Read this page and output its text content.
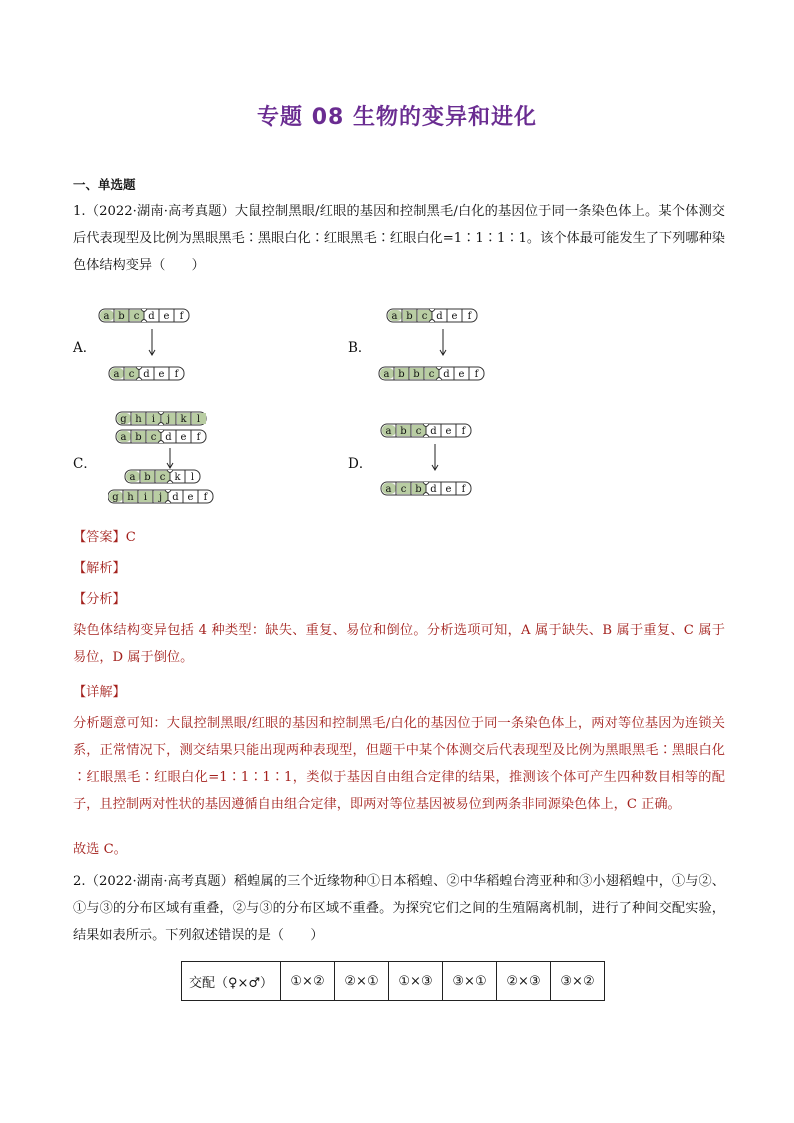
专题 08 生物的变异和进化
一、单选题
1.（2022·湖南·高考真题）大鼠控制黑眼/红眼的基因和控制黑毛/白化的基因位于同一条染色体上。某个体测交后代表现型及比例为黑眼黑毛∶黑眼白化∶红眼黑毛∶红眼白化=1∶1∶1∶1。该个体最可能发生了下列哪种染色体结构变异（　　）
A．
a b c d e f
a c d e f
B．
a b c d e f
a b b c d e f
C．
g h i j k l
a b c d e f
a b c k l
g h i j d e f
D．
a b c d e f
a c b d e f
【答案】C
【解析】
【分析】
染色体结构变异包括 4 种类型：缺失、重复、易位和倒位。分析选项可知，A 属于缺失、B 属于重复、C 属于易位，D 属于倒位。
【详解】
分析题意可知：大鼠控制黑眼/红眼的基因和控制黑毛/白化的基因位于同一条染色体上，两对等位基因为连锁关系，正常情况下，测交结果只能出现两种表现型，但题干中某个体测交后代表现型及比例为黑眼黑毛∶黑眼白化∶红眼黑毛∶红眼白化=1∶1∶1∶1，类似于基因自由组合定律的结果，推测该个体可产生四种数目相等的配子，且控制两对性状的基因遵循自由组合定律，即两对等位基因被易位到两条非同源染色体上，C 正确。
故选 C。
2.（2022·湖南·高考真题）稻蝗属的三个近缘物种①日本稻蝗、②中华稻蝗台湾亚种和③小翅稻蝗中，①与②、①与③的分布区域有重叠，②与③的分布区域不重叠。为探究它们之间的生殖隔离机制，进行了种间交配实验，结果如表所示。下列叙述错误的是（　　）
交配（♀×♂）	①×②	②×①	①×③	③×①	②×③	③×②
